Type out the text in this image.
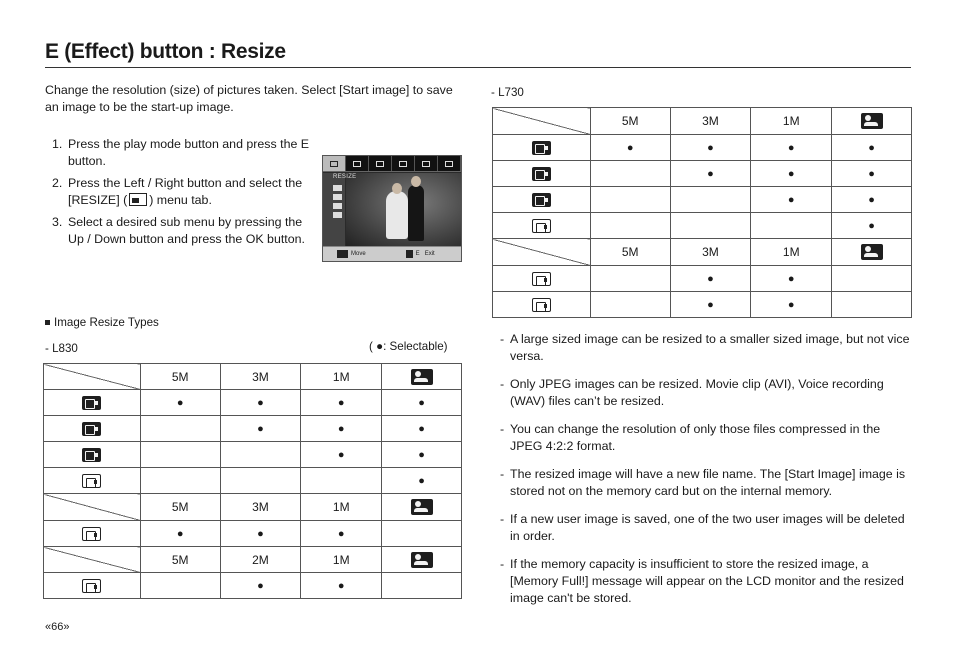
E (Effect) button : Resize

Change the resolution (size) of pictures taken. Select [Start image] to save an image to be the start-up image.

1. Press the play mode button and press the E button.
2. Press the Left / Right button and select the [RESIZE] ( ) menu tab.
3. Select a desired sub menu by pressing the Up / Down button and press the OK button.
RESIZE
Move	E Exit
Image Resize Types
- L830	( ●: Selectable)
- L730
	5M	3M	1M	
	●	●	●	●
		●	●	●
			●	●
				●
	5M	3M	1M	
	●	●	●	
	5M	2M	1M	
		●	●	
	5M	3M	1M	
	●	●	●	●
		●	●	●
			●	●
				●
	5M	3M	1M	
		●	●	
		●	●	
- A large sized image can be resized to a smaller sized image, but not vice versa.
- Only JPEG images can be resized. Movie clip (AVI), Voice recording (WAV) files can’t be resized.
- You can change the resolution of only those files compressed in the JPEG 4:2:2 format.
- The resized image will have a new file name. The [Start Image] image is stored not on the memory card but on the internal memory.
- If a new user image is saved, one of the two user images will be deleted in order.
- If the memory capacity is insufficient to store the resized image, a [Memory Full!] message will appear on the LCD monitor and the resized image can't be stored.
«66»
